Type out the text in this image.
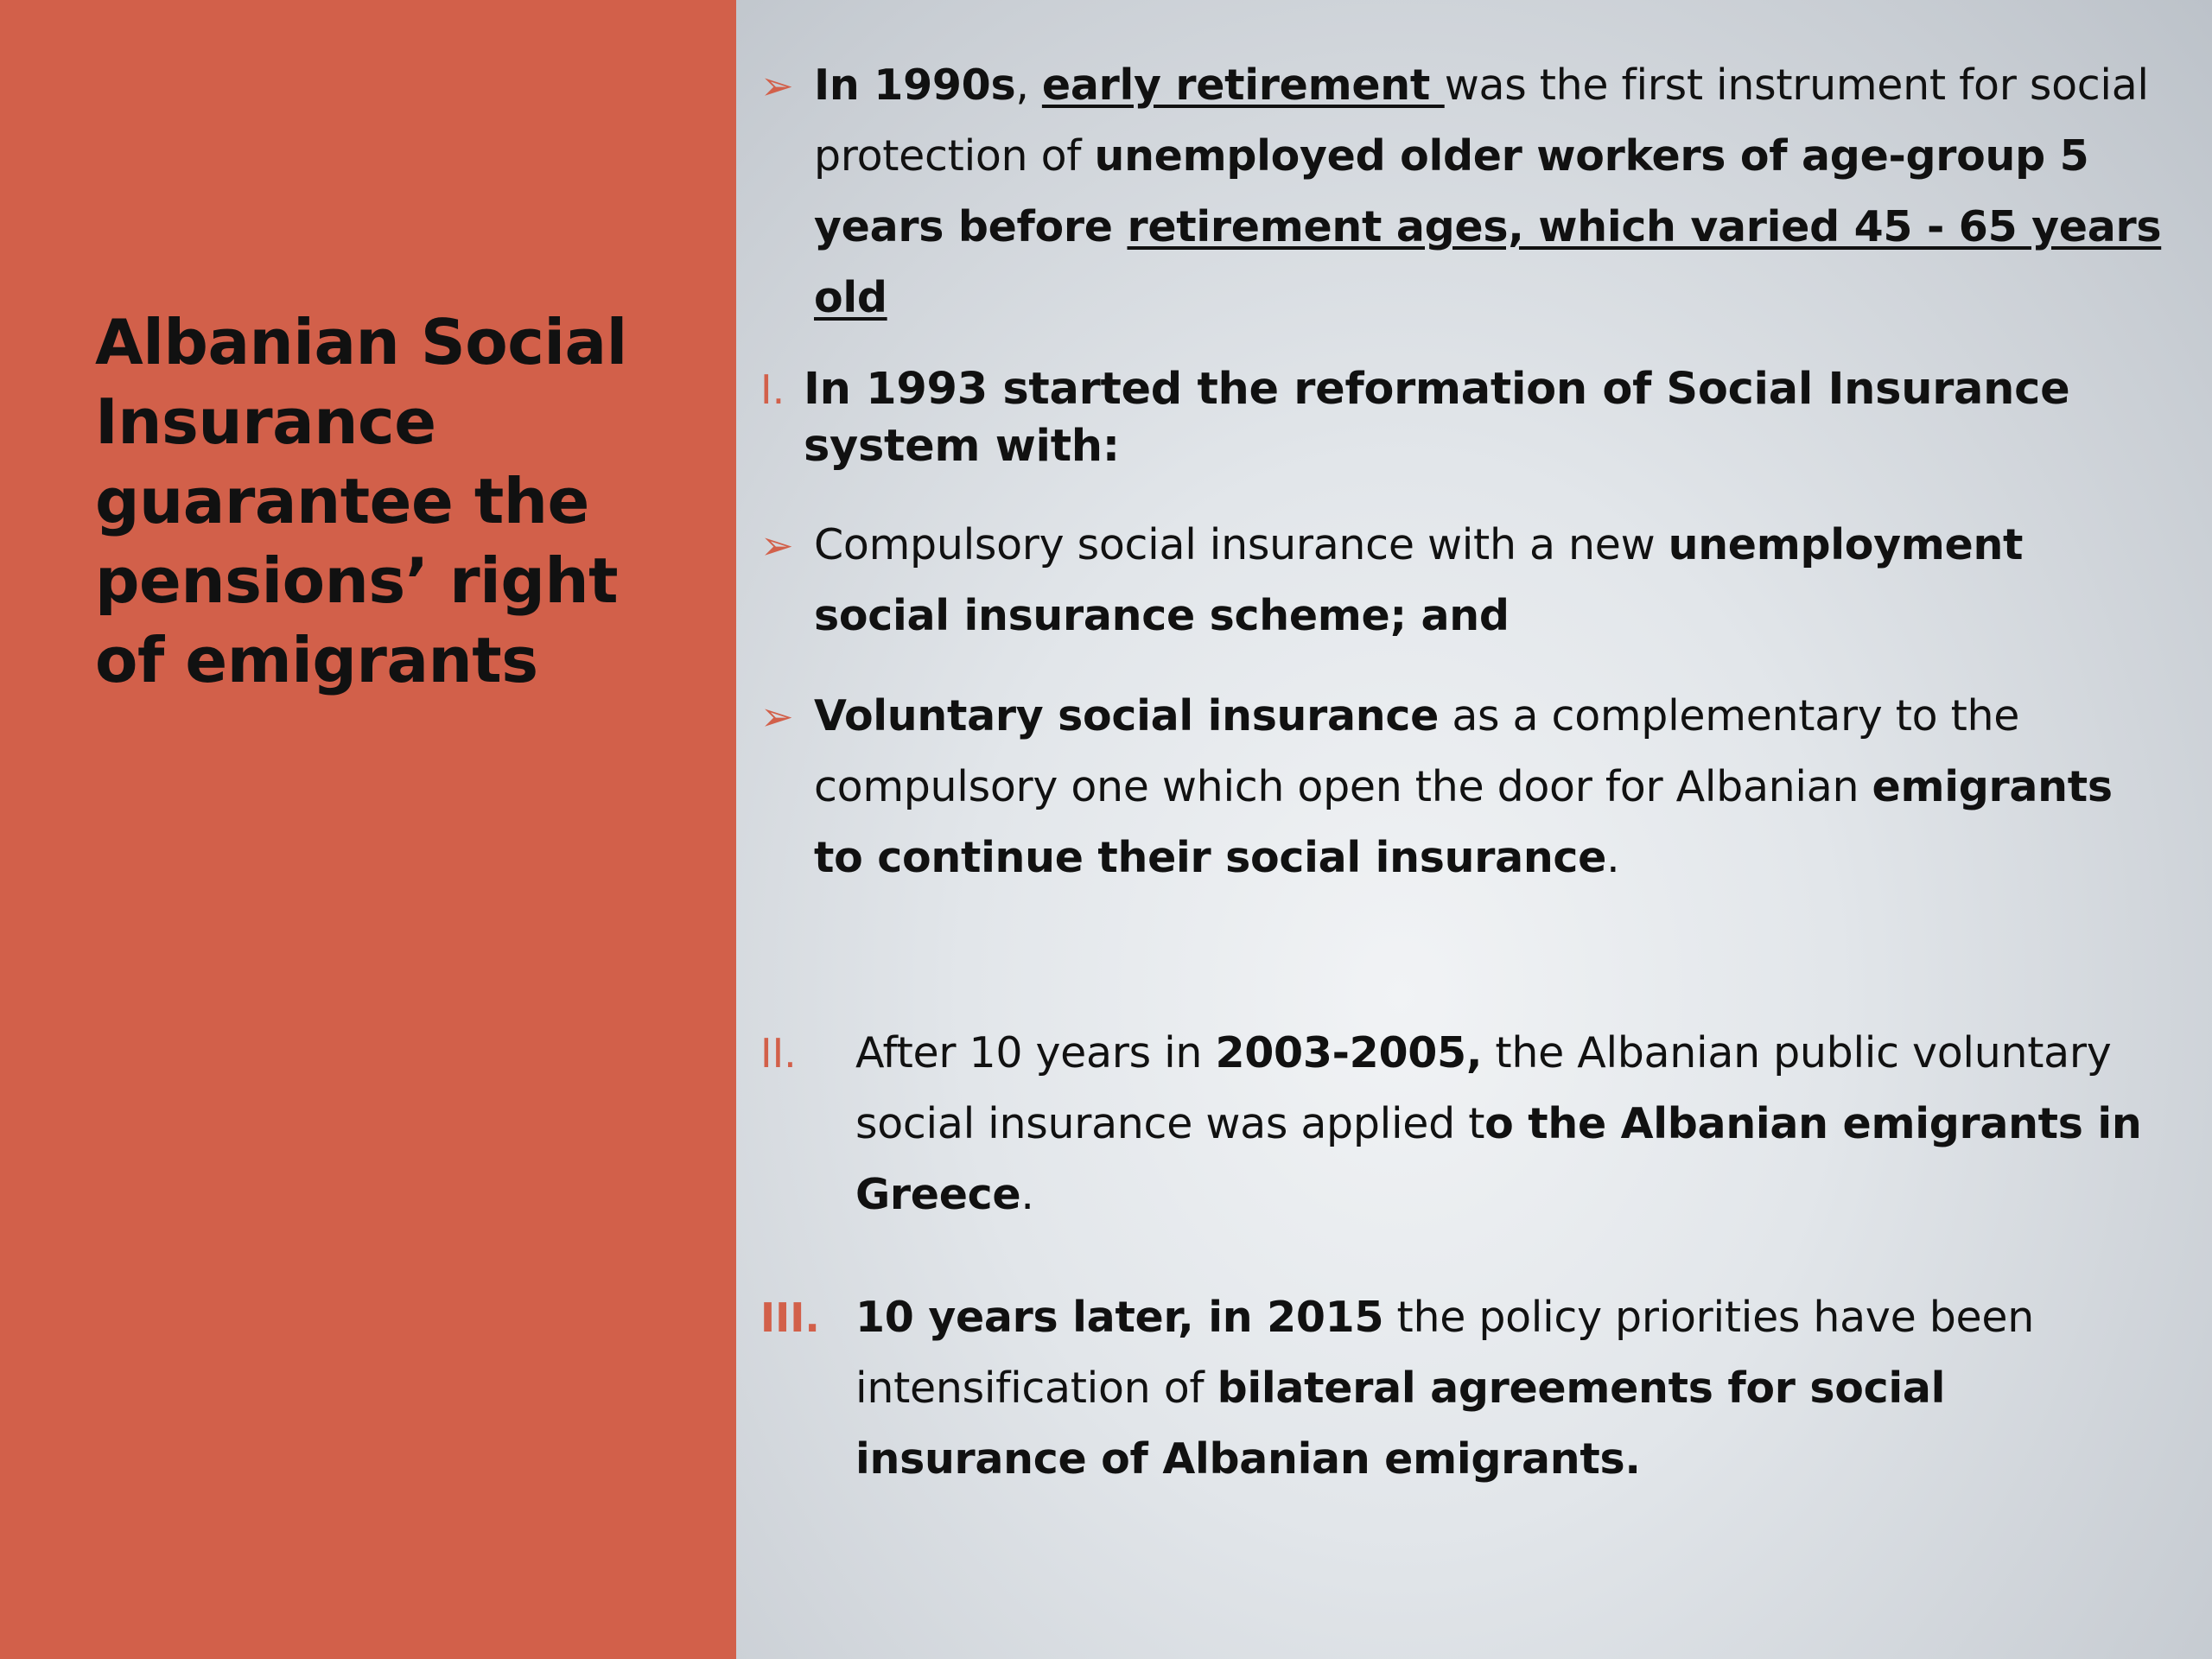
Albanian Social Insurance guarantee the pensions’ right of emigrants
➢ In 1990s, early retirement was the first instrument for social protection of unemployed older workers of age-group 5 years before retirement ages, which varied 45 - 65 years old

I. In 1993 started the reformation of Social Insurance system with:

➢ Compulsory social insurance with a new unemployment social insurance scheme; and

➢ Voluntary social insurance as a complementary to the compulsory one which open the door for Albanian emigrants to continue their social insurance.

II. After 10 years in 2003-2005, the Albanian public voluntary social insurance was applied to the Albanian emigrants in Greece.

III. 10 years later, in 2015 the policy priorities have been intensification of bilateral agreements for social insurance of Albanian emigrants.
